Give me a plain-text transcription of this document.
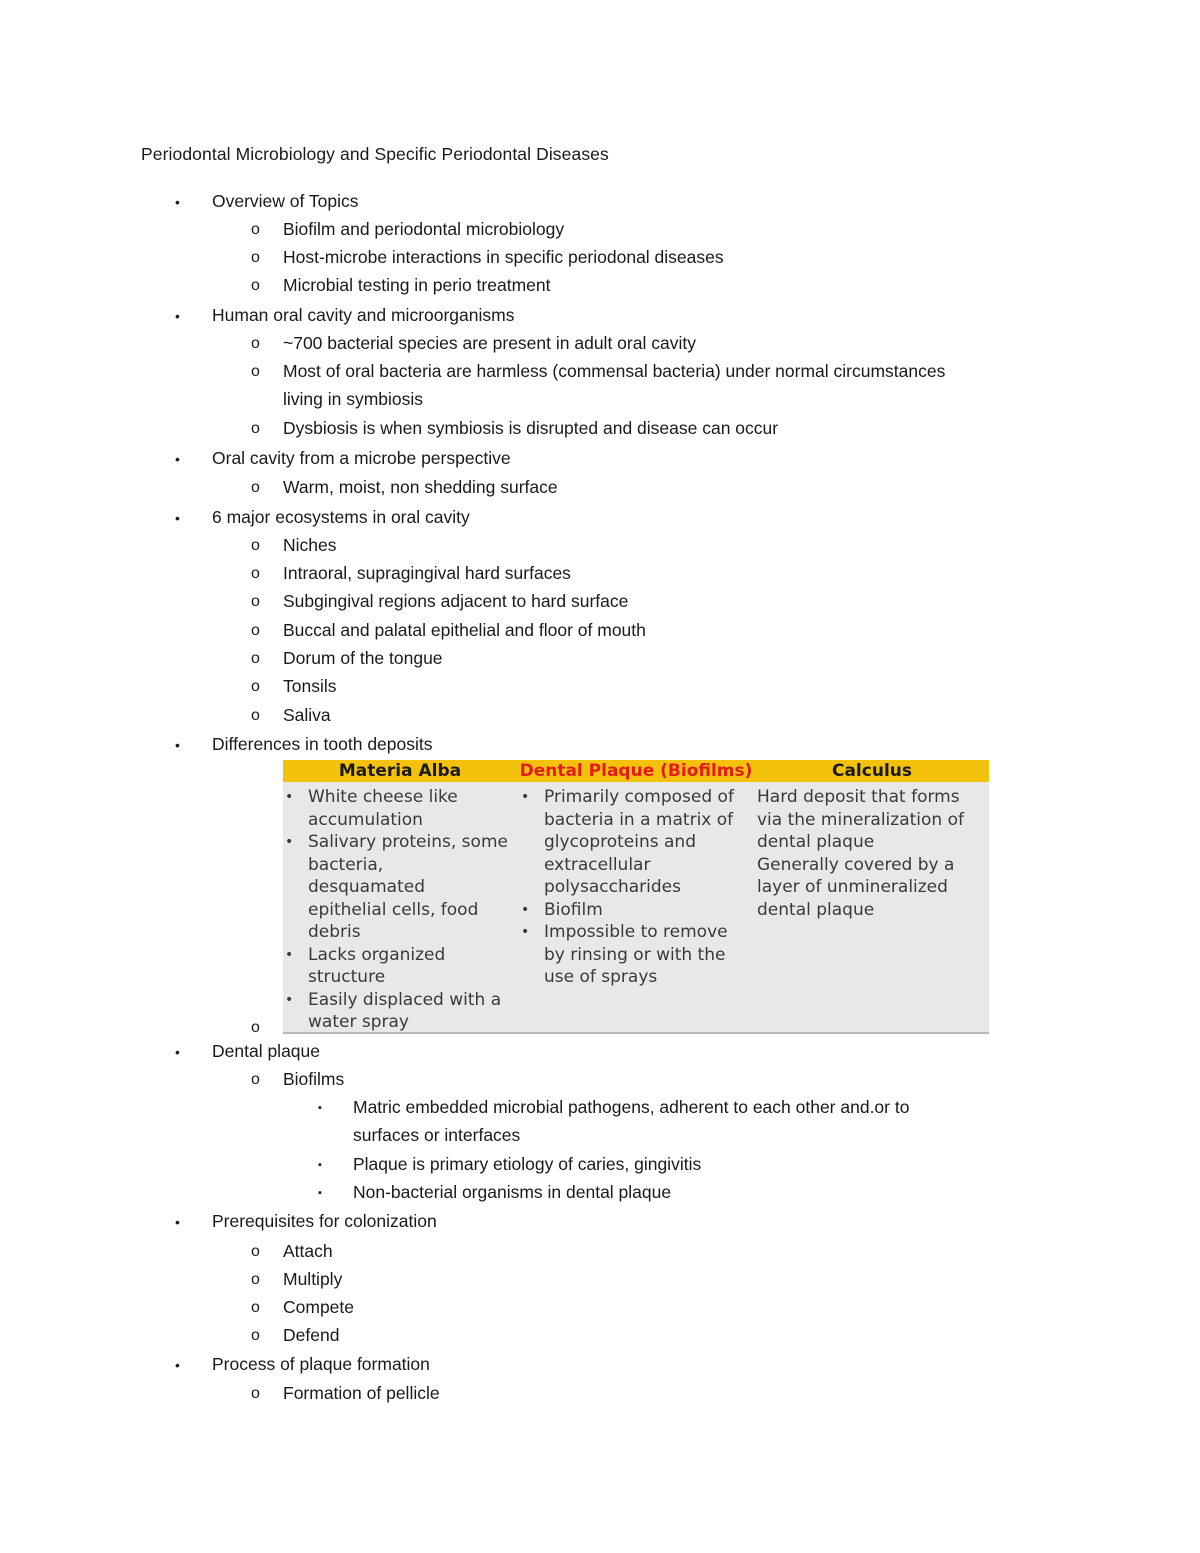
Periodontal Microbiology and Specific Periodontal Diseases
• Overview of Topics
o Biofilm and periodontal microbiology
o Host-microbe interactions in specific periodonal diseases
o Microbial testing in perio treatment
• Human oral cavity and microorganisms
o ~700 bacterial species are present in adult oral cavity
o Most of oral bacteria are harmless (commensal bacteria) under normal circumstances
living in symbiosis
o Dysbiosis is when symbiosis is disrupted and disease can occur
• Oral cavity from a microbe perspective
o Warm, moist, non shedding surface
• 6 major ecosystems in oral cavity
o Niches
o Intraoral, supragingival hard surfaces
o Subgingival regions adjacent to hard surface
o Buccal and palatal epithelial and floor of mouth
o Dorum of the tongue
o Tonsils
o Saliva
• Differences in tooth deposits
o
Materia Alba	Dental Plaque (Biofilms)	Calculus
• White cheese like
accumulation
• Salivary proteins, some
bacteria,
desquamated
epithelial cells, food
debris
• Lacks organized
structure
• Easily displaced with a
water spray
• Primarily composed of
bacteria in a matrix of
glycoproteins and
extracellular
polysaccharides
• Biofilm
• Impossible to remove
by rinsing or with the
use of sprays
Hard deposit that forms
via the mineralization of
dental plaque
Generally covered by a
layer of unmineralized
dental plaque
• Dental plaque
o Biofilms
▪ Matric embedded microbial pathogens, adherent to each other and.or to
surfaces or interfaces
▪ Plaque is primary etiology of caries, gingivitis
▪ Non-bacterial organisms in dental plaque
• Prerequisites for colonization
o Attach
o Multiply
o Compete
o Defend
• Process of plaque formation
o Formation of pellicle
